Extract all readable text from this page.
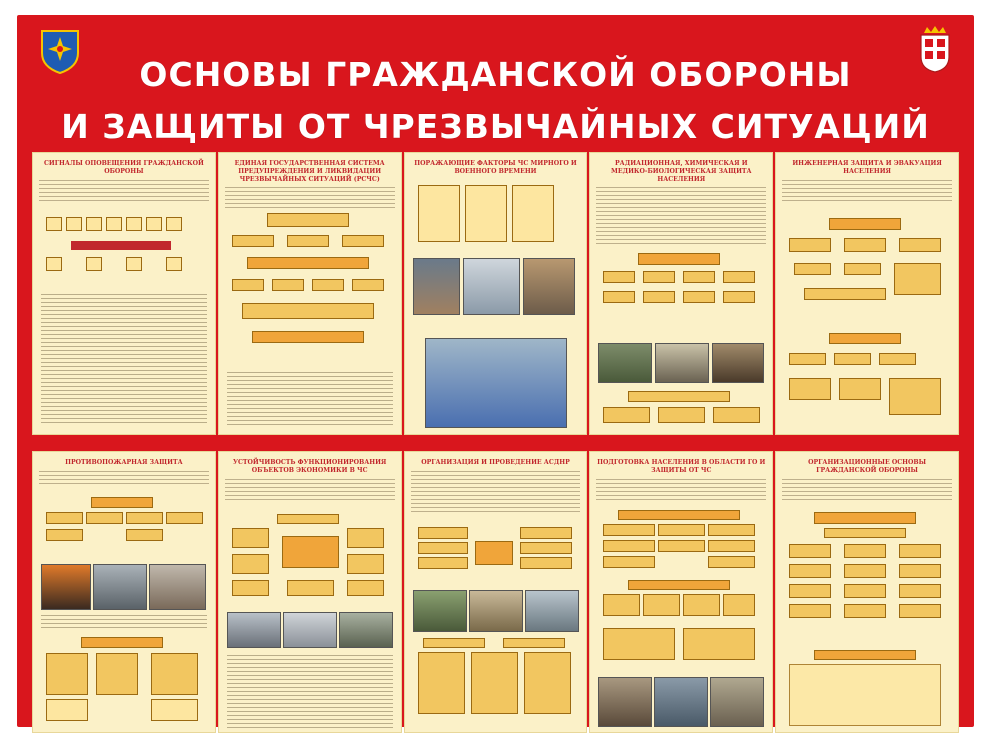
ОСНОВЫ ГРАЖДАНСКОЙ ОБОРОНЫ
И ЗАЩИТЫ ОТ ЧРЕЗВЫЧАЙНЫХ СИТУАЦИЙ
СИГНАЛЫ ОПОВЕЩЕНИЯ ГРАЖДАНСКОЙ ОБОРОНЫ
ЕДИНАЯ ГОСУДАРСТВЕННАЯ СИСТЕМА ПРЕДУПРЕЖДЕНИЯ И ЛИКВИДАЦИИ ЧРЕЗВЫЧАЙНЫХ СИТУАЦИЙ (РСЧС)
ПОРАЖАЮЩИЕ ФАКТОРЫ ЧС МИРНОГО И ВОЕННОГО ВРЕМЕНИ
РАДИАЦИОННАЯ, ХИМИЧЕСКАЯ И МЕДИКО-БИОЛОГИЧЕСКАЯ ЗАЩИТА НАСЕЛЕНИЯ
ИНЖЕНЕРНАЯ ЗАЩИТА И ЭВАКУАЦИЯ НАСЕЛЕНИЯ
ПРОТИВОПОЖАРНАЯ ЗАЩИТА	УСТОЙЧИВОСТЬ ФУНКЦИОНИРОВАНИЯ ОБЪЕКТОВ ЭКОНОМИКИ В ЧС
ОРГАНИЗАЦИЯ И ПРОВЕДЕНИЕ АСДНР	ПОДГОТОВКА НАСЕЛЕНИЯ В ОБЛАСТИ ГО И ЗАЩИТЫ ОТ ЧС
ОРГАНИЗАЦИОННЫЕ ОСНОВЫ ГРАЖДАНСКОЙ ОБОРОНЫ
